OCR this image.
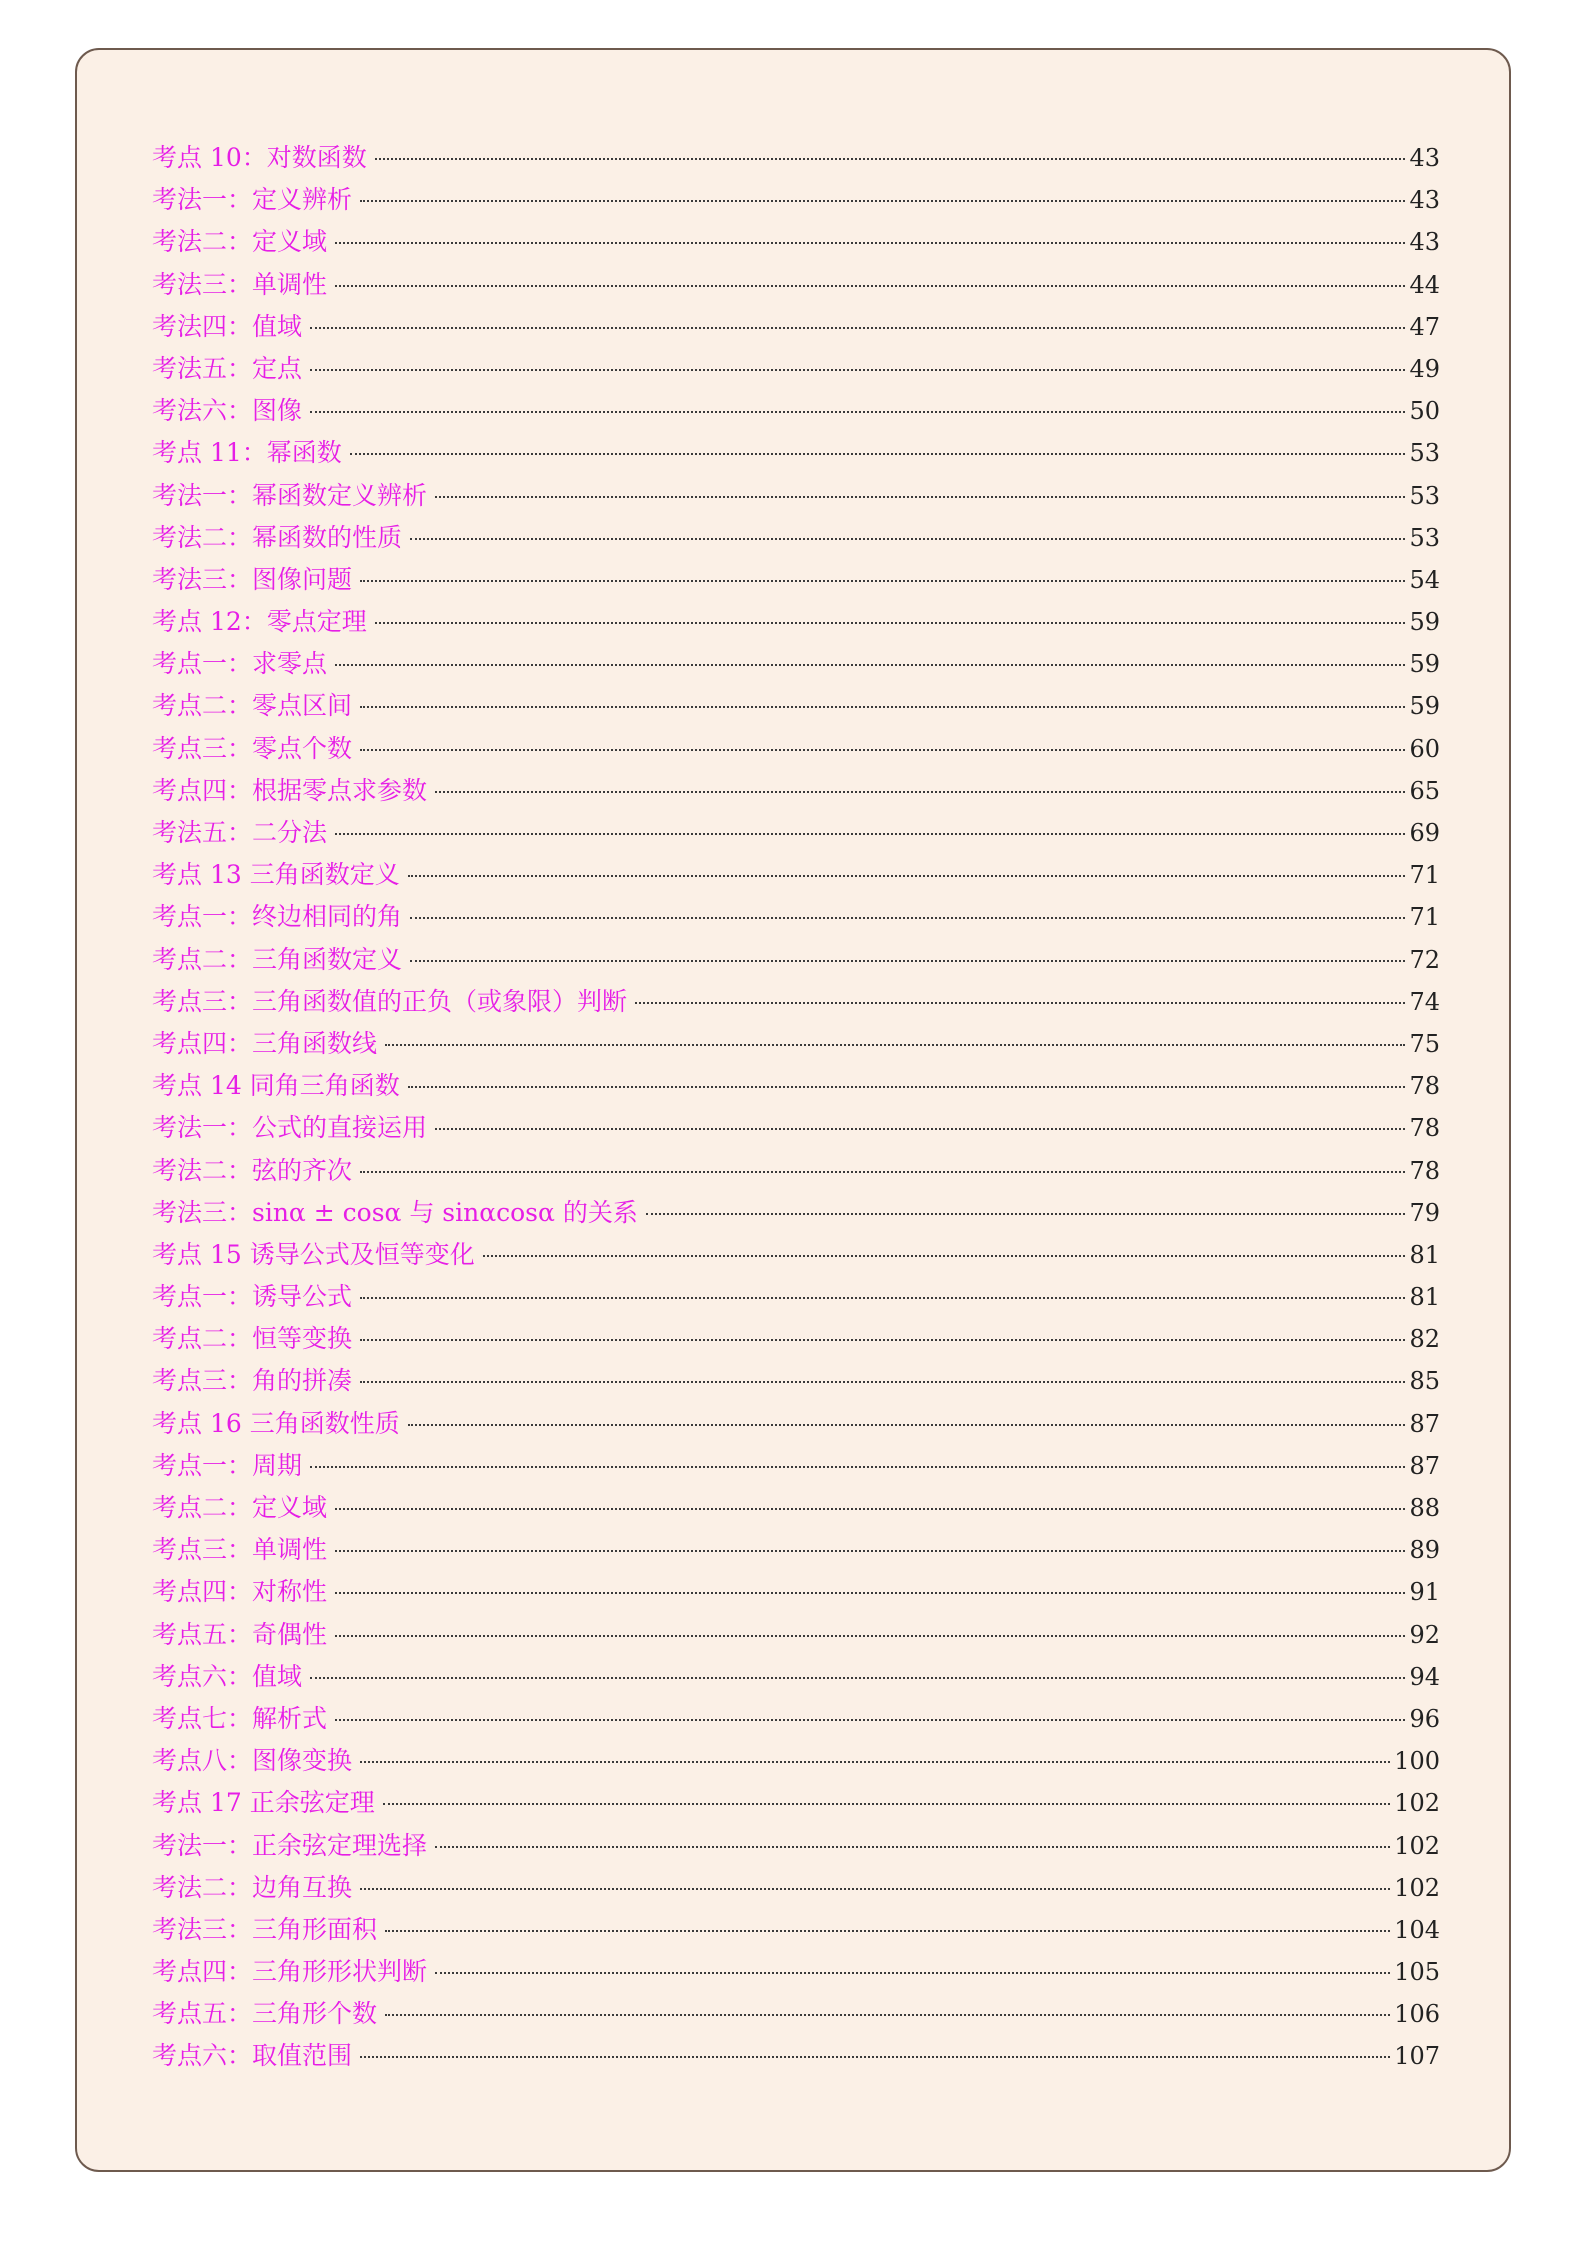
考点 10：对数函数	43
考法一：定义辨析	43
考法二：定义域	43
考法三：单调性	44
考法四：值域	47
考法五：定点	49
考法六：图像	50
考点 11：幂函数	53
考法一：幂函数定义辨析	53
考法二：幂函数的性质	53
考法三：图像问题	54
考点 12：零点定理	59
考点一：求零点	59
考点二：零点区间	59
考点三：零点个数	60
考点四：根据零点求参数	65
考法五：二分法	69
考点 13 三角函数定义	71
考点一：终边相同的角	71
考点二：三角函数定义	72
考点三：三角函数值的正负（或象限）判断	74
考点四：三角函数线	75
考点 14 同角三角函数	78
考法一：公式的直接运用	78
考法二：弦的齐次	78
考法三：sinα ± cosα 与 sinαcosα 的关系	79
考点 15 诱导公式及恒等变化	81
考点一：诱导公式	81
考点二：恒等变换	82
考点三：角的拼凑	85
考点 16 三角函数性质	87
考点一：周期	87
考点二：定义域	88
考点三：单调性	89
考点四：对称性	91
考点五：奇偶性	92
考点六：值域	94
考点七：解析式	96
考点八：图像变换	100
考点 17 正余弦定理	102
考法一：正余弦定理选择	102
考法二：边角互换	102
考法三：三角形面积	104
考点四：三角形形状判断	105
考点五：三角形个数	106
考点六：取值范围	107
